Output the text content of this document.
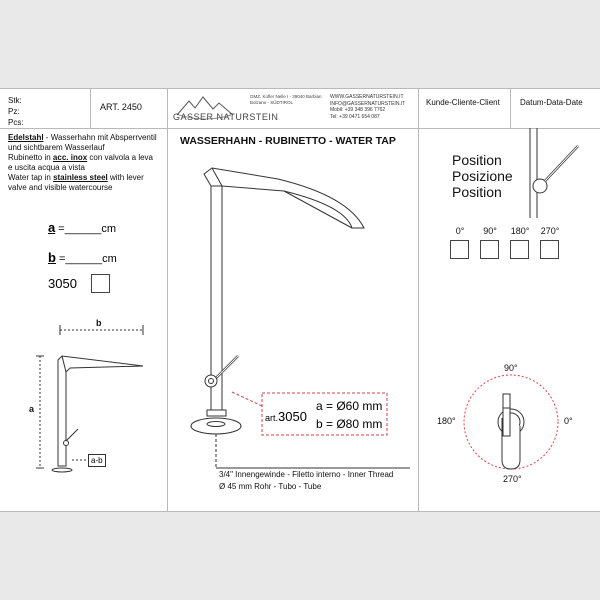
Stk:
Pz:
Pcs:
ART. 2450
GASSER NATURSTEIN
GMZ. Kofler Nelle I - 39040 Barbian
Bolzano - SÜDTIROL
WWW.GASSERNATURSTEIN.IT
INFO@GASSERNATURSTEIN.IT
Mobil: +39 348 396 7762
Tel: +39 0471 654 087
Kunde-Cliente-Client	Datum-Data-Date
WASSERHAHN - RUBINETTO - WATER TAP
Edelstahl - Wasserhahn mit Absperrventil
und sichtbarem Wasserlauf
Rubinetto in acc. inox con valvola a leva
e uscita acqua a vista
Water tap in stainless steel with lever
valve and visible watercourse
a =______cm
b =______cm
3050
b
a
a-b
art.3050
a = Ø60 mm
b = Ø80 mm
3/4" Innengewinde - Filetto interno - Inner Thread
Ø 45 mm Rohr - Tubo - Tube
Position
Posizione
Position
0°	90°	180°	270°
90°
180°	0°
270°
